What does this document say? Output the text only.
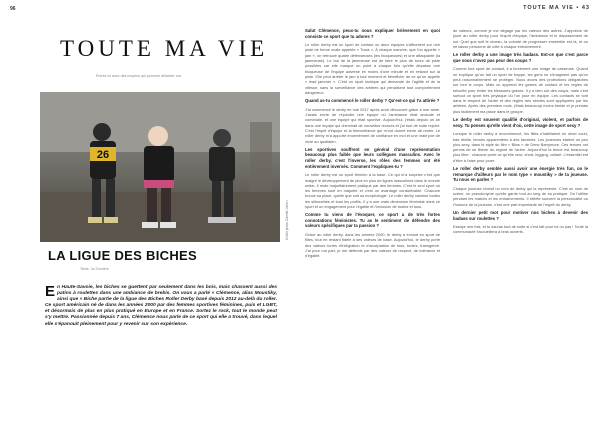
96	TOUTE MA VIE • 43
TOUTE MA VIE
Entrée ici avec des moyens qui pourront délasser vos
26
Crédit photo Camille Julien
LA LIGUE DES BICHES
Texte : la Sorcière
En Haute-Savoie, les biches se guettent par seulement dans les bois, mais chassent aussi des patins à roulettes dans une ambiance de brebis. On vous a parlé « Clémence, alias Moustiky, ainsi que » Biche partie de la ligue des Biches Roller Derby basé depuis 2012 au-delà du roller. Ce sport américain né de dans les années 2000 par des femmes sportives féminines, puis et LGBT, et désormais de plus en plus pratiqué en Europe et en France. Sortez le rock, tout le monde peut s'y mettre. Passionnée depuis 7 ans, Clémence nous parle de ce sport qui elle a trouvé, dans lequel elle s'épanouit pleinement pour y revenir sur son expérience.

Salut Clémence, peux-tu nous expliquer brièvement en quoi consiste ce sport que tu adores ?

Le roller derby est un sport de contact où deux équipes s'affrontent sur une piste de forme ovale appelée « Track ». À chaque manche, que l'on appelle « jam », on retrouve quatre défenseuses (les bloqueuses) et une attaquante (la jammeuse). Le but de la jammeuse est de faire le plus de tours de piste possibles car elle marque un point à chaque fois qu'elle dépasse une bloqueuse de l'équipe adverse en moins d'une minute et en restant sur la piste. Elle peut arrêter le jam à tout moment et bénéficier de ce qu'on appelle « lead jammer ». C'est un sport tactique qui demande de l'agilité et de la vitesse, sans la surveillance des arbitres qui pénalisent tout comportement dangereux.

Quand as-tu commencé le roller derby ? Qu'est-ce qui t'a attirée ?

J'ai commencé le derby en mai 2017 après avoir découvert grâce à une amie. J'avais envie de rejoindre une équipe où l'ambiance était amicale et conviviale, et une équipe qui était sportive. Aujourd'hui, j'étais depuis un an dans une équipe qui cherchait de nouvelles recrues et j'ai tout de suite rejoint. C'est l'esprit d'équipe et la bienveillance qui m'ont donné envie de rester. Le roller derby m'a apporté énormément de confiance en moi et une vraie joie de vivre au quotidien.

Les sportives souffrent en général d'une représentation beaucoup plus faible que leurs collègues masculins. Avec le roller derby, c'est l'inverse, les rôles des femmes ont été entièrement inversés. Comment l'expliques-tu ?

Le roller derby est un sport féminin à la base. Ce qui m'a surprise c'est que malgré le développement de plus en plus de ligues masculines dans le monde entier, il reste majoritairement pratiqué par des femmes. C'est le seul sport où les femmes sont en majorité et c'est un avantage considérable. Chacune trouve sa place, quelle que soit sa morphologie. Le roller derby valorise toutes les silhouettes et tous les profils. Il y a une vraie dimension féministe dans ce sport et un engagement pour l'égalité et l'inclusion de toutes et tous.

Comme tu viens de l'évoquer, ce sport a de très fortes connotations féministes. Tu as le sentiment de défendre des valeurs spécifiques par ta passion ?

Grâce au roller derby, dans les années 2000, le derby a évolué en sport de filles, tout en restant fidèle à ses valeurs de base. Aujourd'hui, le derby porte des valeurs fortes d'intégration et d'acceptation de tous, toutes, transgenre. J'ai pour ma part, je me défends par des valeurs de respect, de tolérance et d'égalité.

de valeurs, comme je me dégage par les valeurs des autres. J'apprécie de jouer au roller derby pour l'esprit d'équipe, l'ambiance et le dépassement de soi. Quel que soit le niveau, la volonté de progresser ensemble est là, et on ne laisse personne de côté à chaque entraînement.

Le roller derby a une image très badass. Est-ce que c'est parce que vous n'avez pas peur des coups ?

Comme tout sport de contact, il a forcément une image de casseuse. Quand on explique qu'on fait un sport de frappe, les gens ne s'imaginent pas qu'on peut raisonnablement se protéger. Nous avons des protections obligatoires sur tout le corps. Mais on apprend les gestes de contact et les règles de sécurité pour éviter les blessures graves. Il y a bien sûr des coups, mais c'est surtout un sport très physique où l'on joue en équipe. Les contacts se font dans le respect de l'autre et des règles très strictes sont appliquées par les arbitres. Après des premiers mois, j'étais beaucoup moins timide et je prenais plus facilement ma place dans le groupe.

Le derby est souvent qualifié d'original, violent, et parfois de sexy. Tu penses qu'elle vient d'où, cette image de sport sexy ?

Lorsque le roller derby a recommencé, les filles s'habillaient en short court, bas résille, tenues apparentées à des fanzines. Les joueuses étaient un peu plus sexy, dans le style du film « Bliss » de Drew Barrymore. Ces tenues ont permis de se libérer du regard de l'autre. Aujourd'hui la tenue est beaucoup plus libre : chacune porte ce qu'elle veut, short, legging, collant. L'essentiel est d'être à l'aise pour jouer.

Le roller derby semble aussi avoir une énergie très fun, on le remarque d'ailleurs par le nom type « moustiky » de ta joueuse. Tu nous en parles ?

Chaque joueuse choisit un nom de derby qui la représente. C'est un nom de scène, un pseudonyme qu'elle garde tout au long de sa pratique. On l'utilise pendant les matchs et les entraînements. Il reflète souvent la personnalité ou l'humour de la joueuse, c'est une part importante de l'esprit du derby.

Un dernier petit mot pour motiver nos biches à devenir des badass sur roulettes ?

Essaye une fois, et tu sauras tout de suite si c'est fait pour toi ou pas ! Toute la communauté t'accueillera à bras ouverts.
